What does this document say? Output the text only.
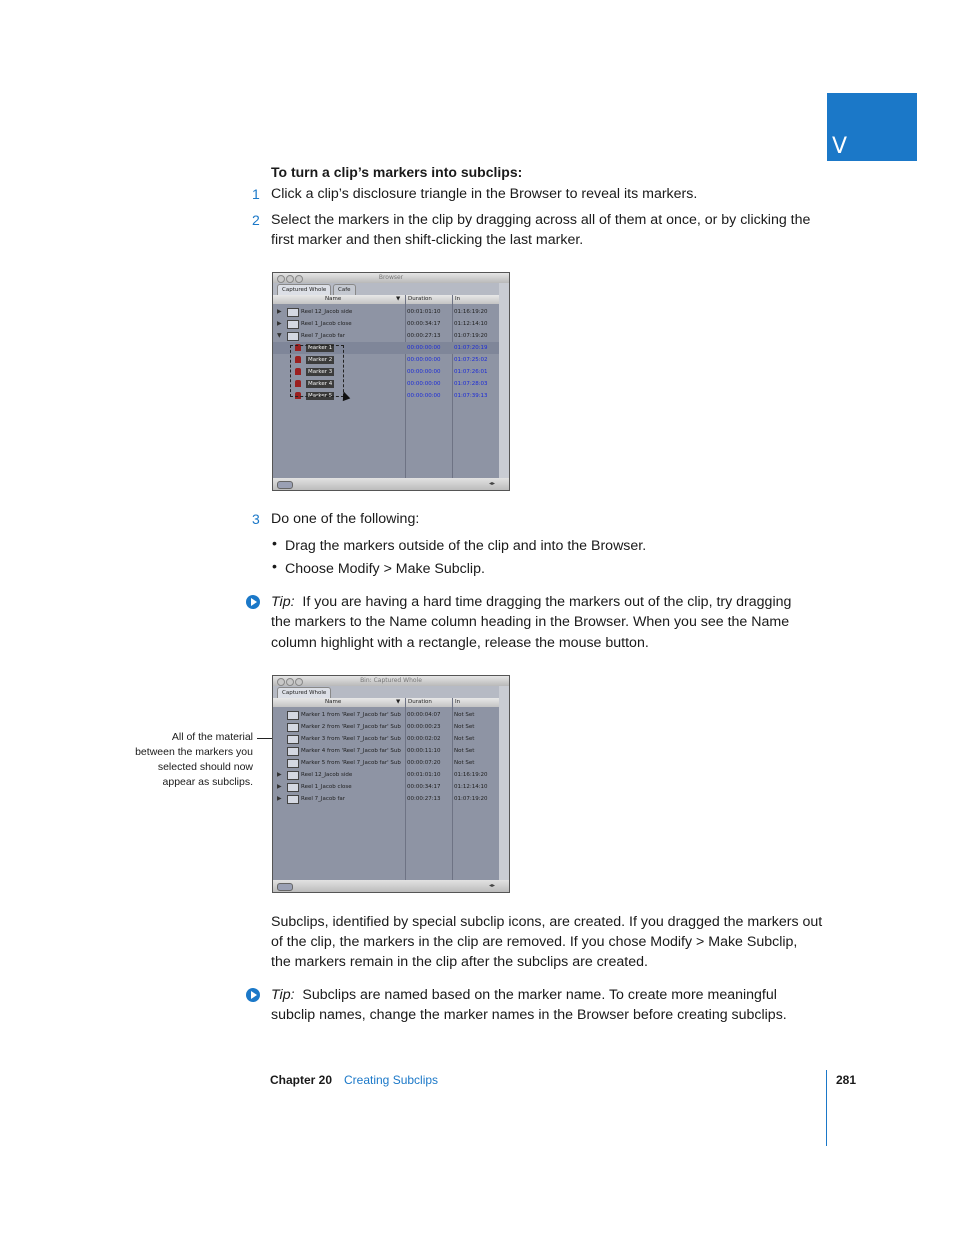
V
To turn a clip’s markers into subclips:
1 Click a clip’s disclosure triangle in the Browser to reveal its markers.
2 Select the markers in the clip by dragging across all of them at once, or by clicking the
first marker and then shift-clicking the last marker.
Browser
Captured Whole	Cafe
Name	▼ Duration	In
▶	Reel 12_Jacob side	00:01:01:10 01:16:19:20
▶	Reel 1_Jacob close	00:00:34:17 01:12:14:10
▼	Reel 7_Jacob far	00:00:27:13 01:07:19:20
Marker 1	00:00:00:00 01:07:20:19
Marker 2	00:00:00:00 01:07:25:02
Marker 3	00:00:00:00 01:07:26:01
Marker 4	00:00:00:00 01:07:28:03
Marker 5	00:00:00:00 01:07:39:13
◂▸
3 Do one of the following:
• Drag the markers outside of the clip and into the Browser.
• Choose Modify > Make Subclip.
Tip: If you are having a hard time dragging the markers out of the clip, try dragging
the markers to the Name column heading in the Browser. When you see the Name
column highlight with a rectangle, release the mouse button.
All of the material
between the markers you
selected should now
appear as subclips.
Bin: Captured Whole
Captured Whole
Name	▼ Duration	In
Marker 1 from 'Reel 7_Jacob far' Sub 00:00:04:07 Not Set
Marker 2 from 'Reel 7_Jacob far' Sub 00:00:00:23 Not Set
Marker 3 from 'Reel 7_Jacob far' Sub 00:00:02:02 Not Set
Marker 4 from 'Reel 7_Jacob far' Sub 00:00:11:10 Not Set
Marker 5 from 'Reel 7_Jacob far' Sub 00:00:07:20 Not Set
▶	Reel 12_Jacob side	00:01:01:10 01:16:19:20
▶	Reel 1_Jacob close	00:00:34:17 01:12:14:10
▶	Reel 7_Jacob far	00:00:27:13 01:07:19:20
◂▸
Subclips, identified by special subclip icons, are created. If you dragged the markers out
of the clip, the markers in the clip are removed. If you chose Modify > Make Subclip,
the markers remain in the clip after the subclips are created.
Tip: Subclips are named based on the marker name. To create more meaningful
subclip names, change the marker names in the Browser before creating subclips.
Chapter 20 Creating Subclips	281
